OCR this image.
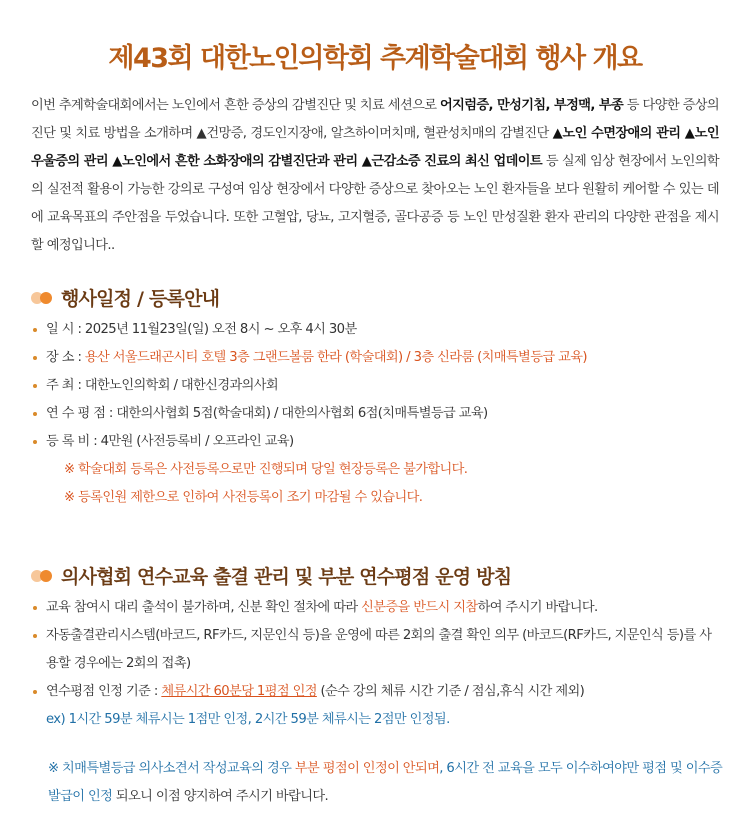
제43회 대한노인의학회 추계학술대회 행사 개요
이번 추계학술대회에서는 노인에서 흔한 증상의 감별진단 및 치료 세션으로 어지럼증, 만성기침, 부정맥, 부종 등 다양한 증상의 진단 및 치료 방법을 소개하며 ▲건망증, 경도인지장애, 알츠하이머치매, 혈관성치매의 감별진단 ▲노인 수면장애의 관리 ▲노인 우울증의 관리 ▲노인에서 흔한 소화장애의 감별진단과 관리 ▲근감소증 진료의 최신 업데이트 등 실제 임상 현장에서 노인의학의 실전적 활용이 가능한 강의로 구성여 임상 현장에서 다양한 증상으로 찾아오는 노인 환자들을 보다 원활히 케어할 수 있는 데에 교육목표의 주안점을 두었습니다. 또한 고혈압, 당뇨, 고지혈증, 골다공증 등 노인 만성질환 환자 관리의 다양한 관점을 제시할 예정입니다..
행사일정 / 등록안내
일 시 : 2025년 11월23일(일) 오전 8시 ~ 오후 4시 30분
장 소 : 용산 서울드래곤시티 호텔 3층 그랜드볼룸 한라 (학술대회) / 3층 신라룸 (치매특별등급 교육)
주 최 : 대한노인의학회 / 대한신경과의사회
연 수 평 점 : 대한의사협회 5점(학술대회) / 대한의사협회 6점(치매특별등급 교육)
등 록 비 : 4만원 (사전등록비 / 오프라인 교육)
※ 학술대회 등록은 사전등록으로만 진행되며 당일 현장등록은 불가합니다.
※ 등록인원 제한으로 인하여 사전등록이 조기 마감될 수 있습니다.
의사협회 연수교육 출결 관리 및 부분 연수평점 운영 방침
교육 참여시 대리 출석이 불가하며, 신분 확인 절차에 따라 신분증을 반드시 지참하여 주시기 바랍니다.
자동출결관리시스템(바코드, RF카드, 지문인식 등)을 운영에 따른 2회의 출결 확인 의무 (바코드(RF카드, 지문인식 등)를 사용할 경우에는 2회의 접촉)
연수평점 인정 기준 : 체류시간 60분당 1평점 인정 (순수 강의 체류 시간 기준 / 점심,휴식 시간 제외)
ex) 1시간 59분 체류시는 1점만 인정, 2시간 59분 체류시는 2점만 인정됨.
※ 치매특별등급 의사소견서 작성교육의 경우 부분 평점이 인정이 안되며, 6시간 전 교육을 모두 이수하여야만 평점 및 이수증 발급이 인정 되오니 이점 양지하여 주시기 바랍니다.
